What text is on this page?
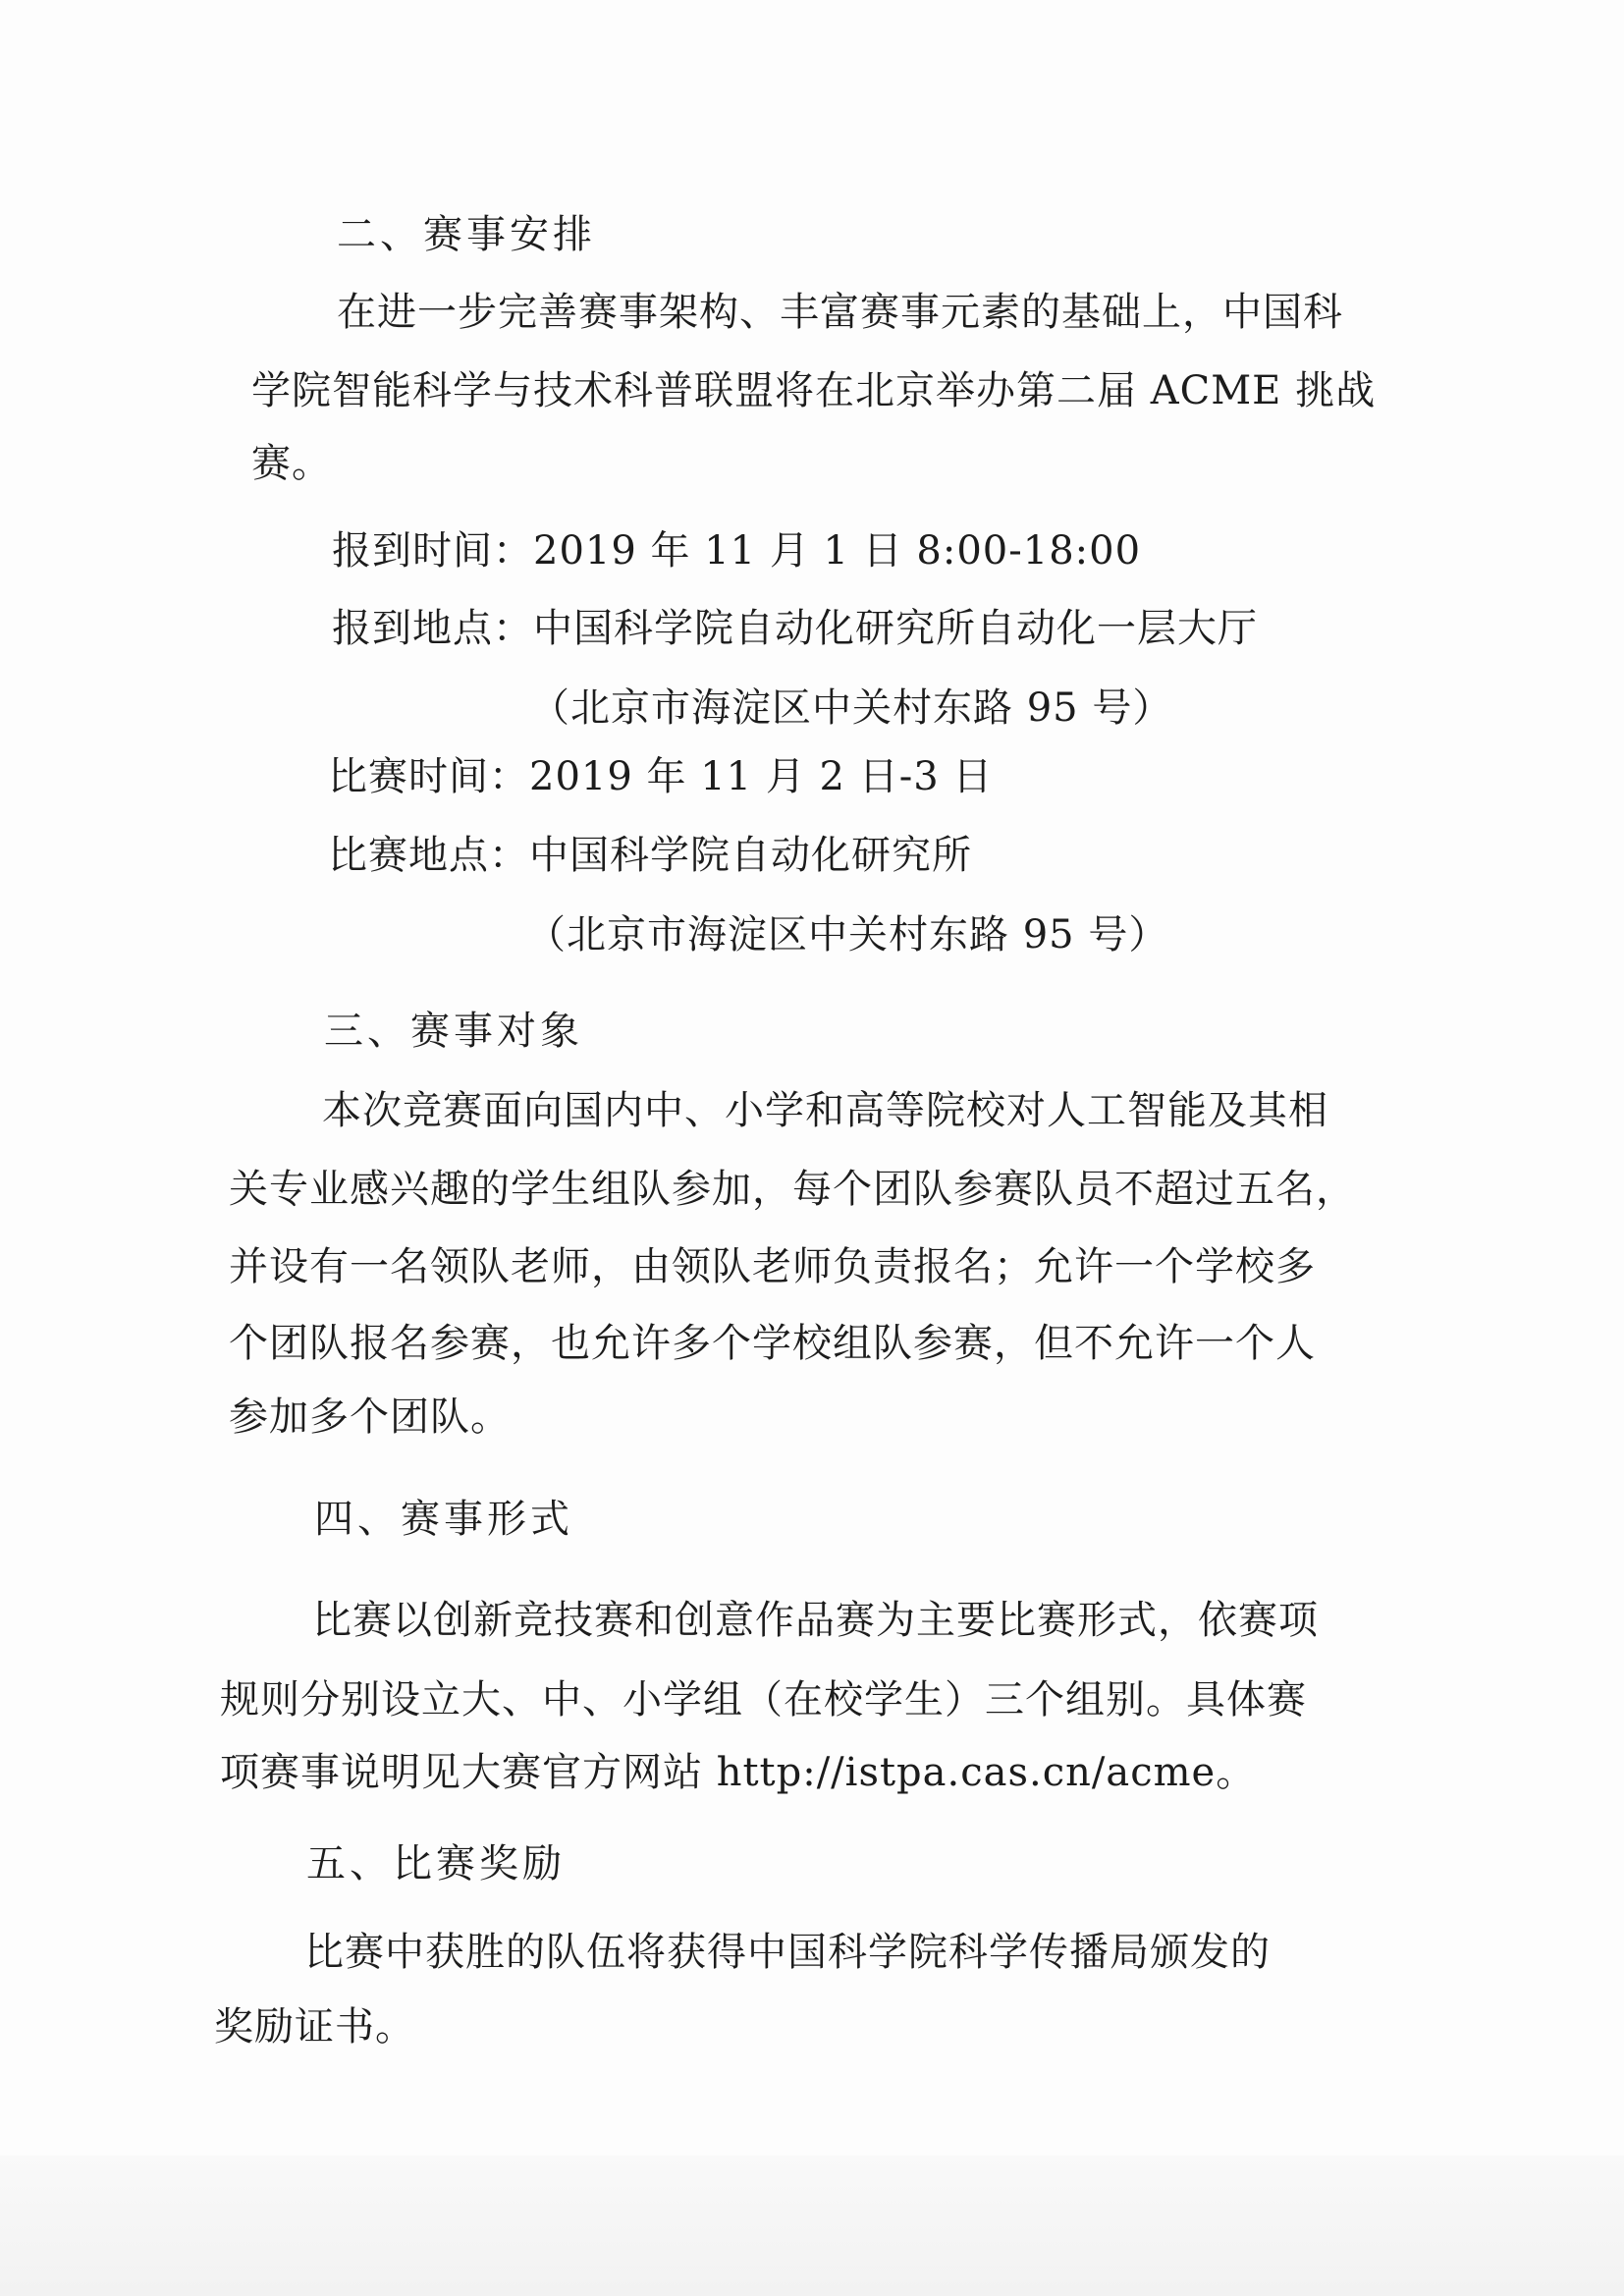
二、赛事安排
在进一步完善赛事架构、丰富赛事元素的基础上，中国科
学院智能科学与技术科普联盟将在北京举办第二届 ACME 挑战
赛。
报到时间：2019 年 11 月 1 日 8:00-18:00
报到地点：中国科学院自动化研究所自动化一层大厅
（北京市海淀区中关村东路 95 号）
比赛时间：2019 年 11 月 2 日-3 日
比赛地点：中国科学院自动化研究所
（北京市海淀区中关村东路 95 号）
三、赛事对象
本次竞赛面向国内中、小学和高等院校对人工智能及其相
关专业感兴趣的学生组队参加，每个团队参赛队员不超过五名，
并设有一名领队老师，由领队老师负责报名；允许一个学校多
个团队报名参赛，也允许多个学校组队参赛，但不允许一个人
参加多个团队。
四、赛事形式
比赛以创新竞技赛和创意作品赛为主要比赛形式，依赛项
规则分别设立大、中、小学组（在校学生）三个组别。具体赛
项赛事说明见大赛官方网站 http://istpa.cas.cn/acme。
五、比赛奖励
比赛中获胜的队伍将获得中国科学院科学传播局颁发的
奖励证书。
